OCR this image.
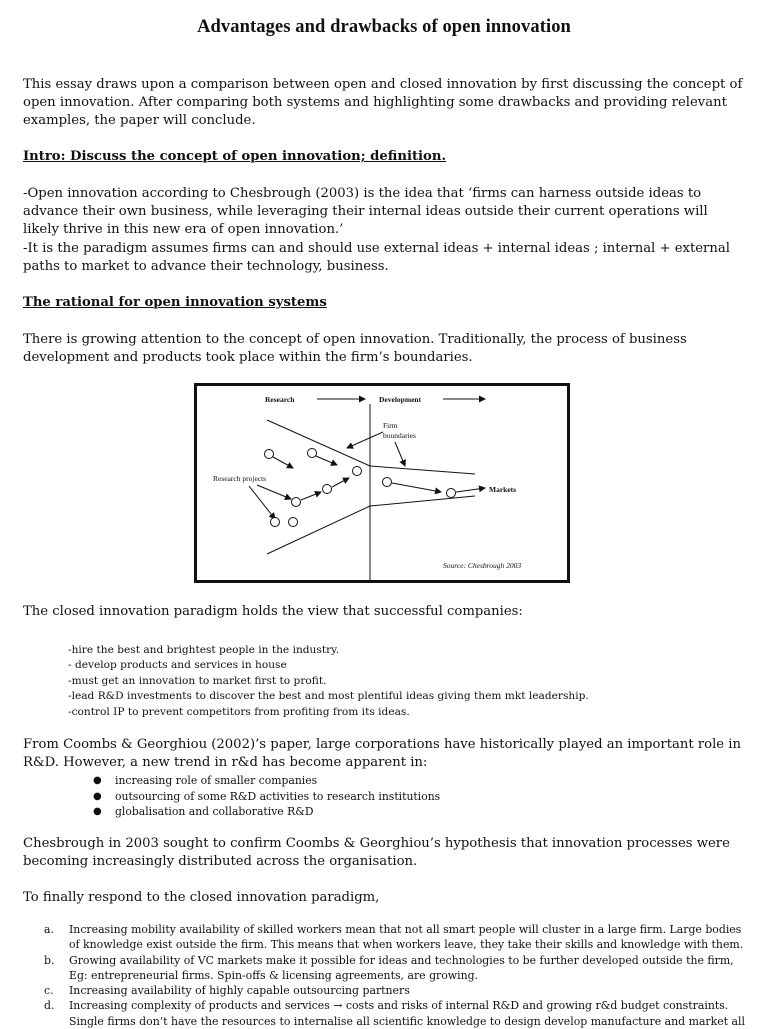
Advantages and drawbacks of open innovation

This essay draws upon a comparison between open and closed innovation by first discussing the concept of open innovation. After comparing both systems and highlighting some drawbacks and providing relevant examples, the paper will conclude.

Intro: Discuss the concept of open innovation; definition.

-Open innovation according to Chesbrough (2003) is the idea that ‘firms can harness outside ideas to advance their own business, while leveraging their internal ideas outside their current operations will likely thrive in this new era of open innovation.’

-It is the paradigm assumes firms can and should use external ideas + internal ideas ; internal + external paths to market to advance their technology, business.

The rational for open innovation systems

There is growing attention to the concept of open innovation. Traditionally, the process of business development and products took place within the firm’s boundaries.

Research	Development
Firm
boundaries
Research projects
Markets
Source: Chesbrough 2003

The closed innovation paradigm holds the view that successful companies:

-hire the best and brightest people in the industry.
- develop products and services in house
-must get an innovation to market first to profit.
-lead R&D investments to discover the best and most plentiful ideas giving them mkt leadership.
-control IP to prevent competitors from profiting from its ideas.

From Coombs & Georghiou (2002)’s paper, large corporations have historically played an important role in R&D. However, a new trend in r&d has become apparent in:

● increasing role of smaller companies
● outsourcing of some R&D activities to research institutions
● globalisation and collaborative R&D

Chesbrough in 2003 sought to confirm Coombs & Georghiou’s hypothesis that innovation processes were becoming increasingly distributed across the organisation.

To finally respond to the closed innovation paradigm,

a. Increasing mobility availability of skilled workers mean that not all smart people will cluster in a large firm. Large bodies of knowledge exist outside the firm. This means that when workers leave, they take their skills and knowledge with them.
b. Growing availability of VC markets make it possible for ideas and technologies to be further developed outside the firm, Eg: entrepreneurial firms. Spin-offs & licensing agreements, are growing.
c. Increasing availability of highly capable outsourcing partners
d. Increasing complexity of products and services → costs and risks of internal R&D and growing r&d budget constraints. Single firms don’t have the resources to internalise all scientific knowledge to design develop manufacture and market all
